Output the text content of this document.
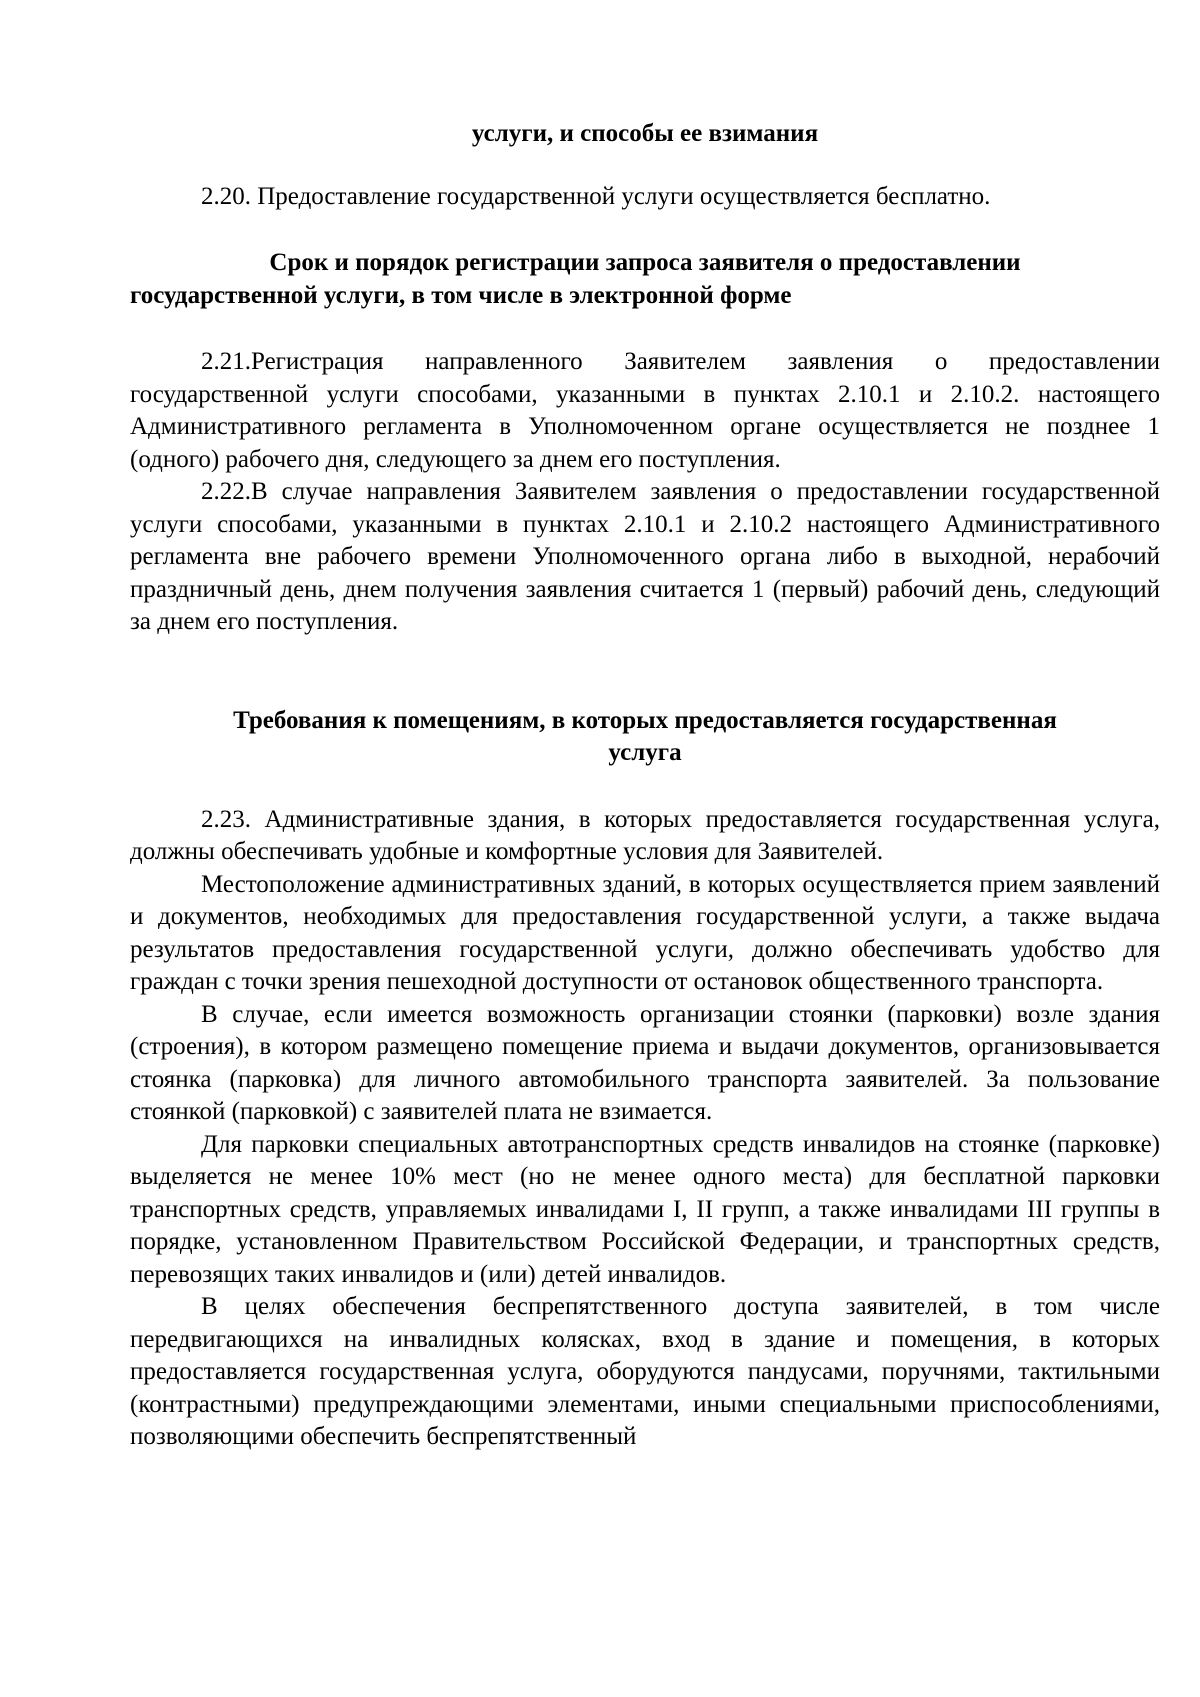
услуги, и способы ее взимания

2.20. Предоставление государственной услуги осуществляется бесплатно.

Срок и порядок регистрации запроса заявителя о предоставлении

государственной услуги, в том числе в электронной форме

2.21.Регистрация направленного Заявителем заявления о предоставлении государственной услуги способами, указанными в пунктах 2.10.1 и 2.10.2. настоящего Административного регламента в Уполномоченном органе осуществляется не позднее 1 (одного) рабочего дня, следующего за днем его поступления.

2.22.В случае направления Заявителем заявления о предоставлении государственной услуги способами, указанными в пунктах 2.10.1 и 2.10.2 настоящего Административного регламента вне рабочего времени Уполномоченного органа либо в выходной, нерабочий праздничный день, днем получения заявления считается 1 (первый) рабочий день, следующий за днем его поступления.

Требования к помещениям, в которых предоставляется государственная

услуга

2.23. Административные здания, в которых предоставляется государственная услуга, должны обеспечивать удобные и комфортные условия для Заявителей.

Местоположение административных зданий, в которых осуществляется прием заявлений и документов, необходимых для предоставления государственной услуги, а также выдача результатов предоставления государственной услуги, должно обеспечивать удобство для граждан с точки зрения пешеходной доступности от остановок общественного транспорта.

В случае, если имеется возможность организации стоянки (парковки) возле здания (строения), в котором размещено помещение приема и выдачи документов, организовывается стоянка (парковка) для личного автомобильного транспорта заявителей. За пользование стоянкой (парковкой) с заявителей плата не взимается.

Для парковки специальных автотранспортных средств инвалидов на стоянке (парковке) выделяется не менее 10% мест (но не менее одного места) для бесплатной парковки транспортных средств, управляемых инвалидами I, II групп, а также инвалидами III группы в порядке, установленном Правительством Российской Федерации, и транспортных средств, перевозящих таких инвалидов и (или) детей инвалидов.

В целях обеспечения беспрепятственного доступа заявителей, в том числе передвигающихся на инвалидных колясках, вход в здание и помещения, в которых предоставляется государственная услуга, оборудуются пандусами, поручнями, тактильными (контрастными) предупреждающими элементами, иными специальными приспособлениями, позволяющими обеспечить беспрепятственный
